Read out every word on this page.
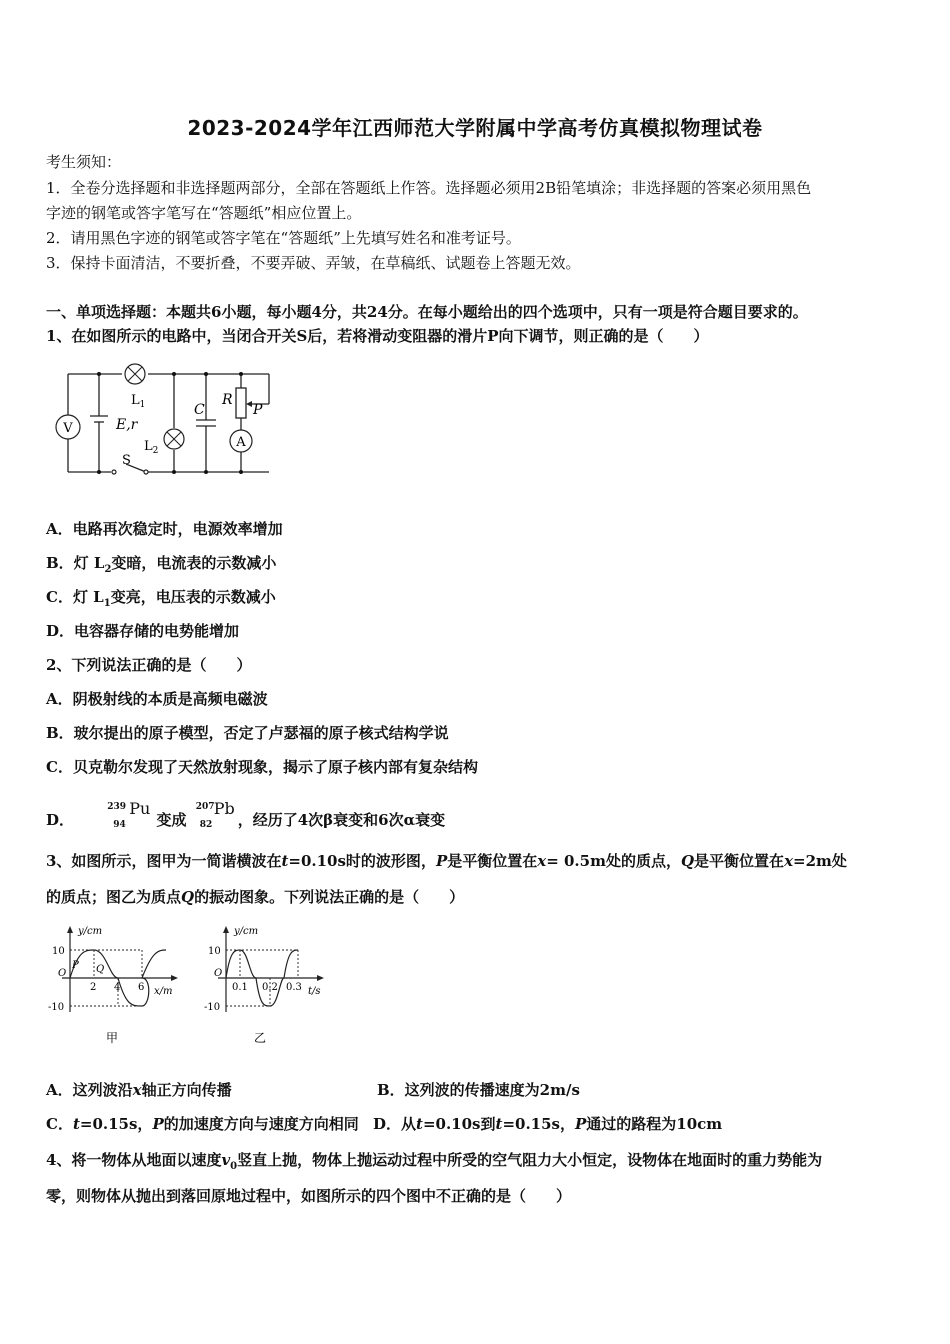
2023-2024学年江西师范大学附属中学高考仿真模拟物理试卷
考生须知：
1．全卷分选择题和非选择题两部分，全部在答题纸上作答。选择题必须用2B铅笔填涂；非选择题的答案必须用黑色
字迹的钢笔或答字笔写在“答题纸”相应位置上。
2．请用黑色字迹的钢笔或答字笔在“答题纸”上先填写姓名和准考证号。
3．保持卡面清洁，不要折叠，不要弄破、弄皱，在草稿纸、试题卷上答题无效。
一、单项选择题：本题共6小题，每小题4分，共24分。在每小题给出的四个选项中，只有一项是符合题目要求的。
1、在如图所示的电路中，当闭合开关S后，若将滑动变阻器的滑片P向下调节，则正确的是（　　）
V
A
$L_1$
$L_2$
E,r
S
C
R
P
A．电路再次稳定时，电源效率增加
B．灯 $L_2$变暗，电流表的示数减小
C．灯 $L_1$变亮，电压表的示数减小
D．电容器存储的电势能增加
2、下列说法正确的是（　　）
A．阴极射线的本质是高频电磁波
B．玻尔提出的原子模型，否定了卢瑟福的原子核式结构学说
C．贝克勒尔发现了天然放射现象，揭示了原子核内部有复杂结构
D．
239
94
Pu
变成
207
82
Pb
，经历了4次β衰变和6次α衰变
3、如图所示，图甲为一简谐横波在t=0.10s时的波形图，P是平衡位置在x= 0.5m处的质点，Q是平衡位置在x=2m处
的质点；图乙为质点Q的振动图象。下列说法正确的是（　　）
y/cm
x/m
10
-10
O
2 4 6
P Q
甲
y/cm
t/s
10
-10
O
0.1 0.2 0.3
乙
A．这列波沿x轴正方向传播	B．这列波的传播速度为2m/s
C．t=0.15s，P的加速度方向与速度方向相同 D．从t=0.10s到t=0.15s，P通过的路程为10cm
4、将一物体从地面以速度$v_0$竖直上抛，物体上抛运动过程中所受的空气阻力大小恒定，设物体在地面时的重力势能为
零，则物体从抛出到落回原地过程中，如图所示的四个图中不正确的是（　　）
